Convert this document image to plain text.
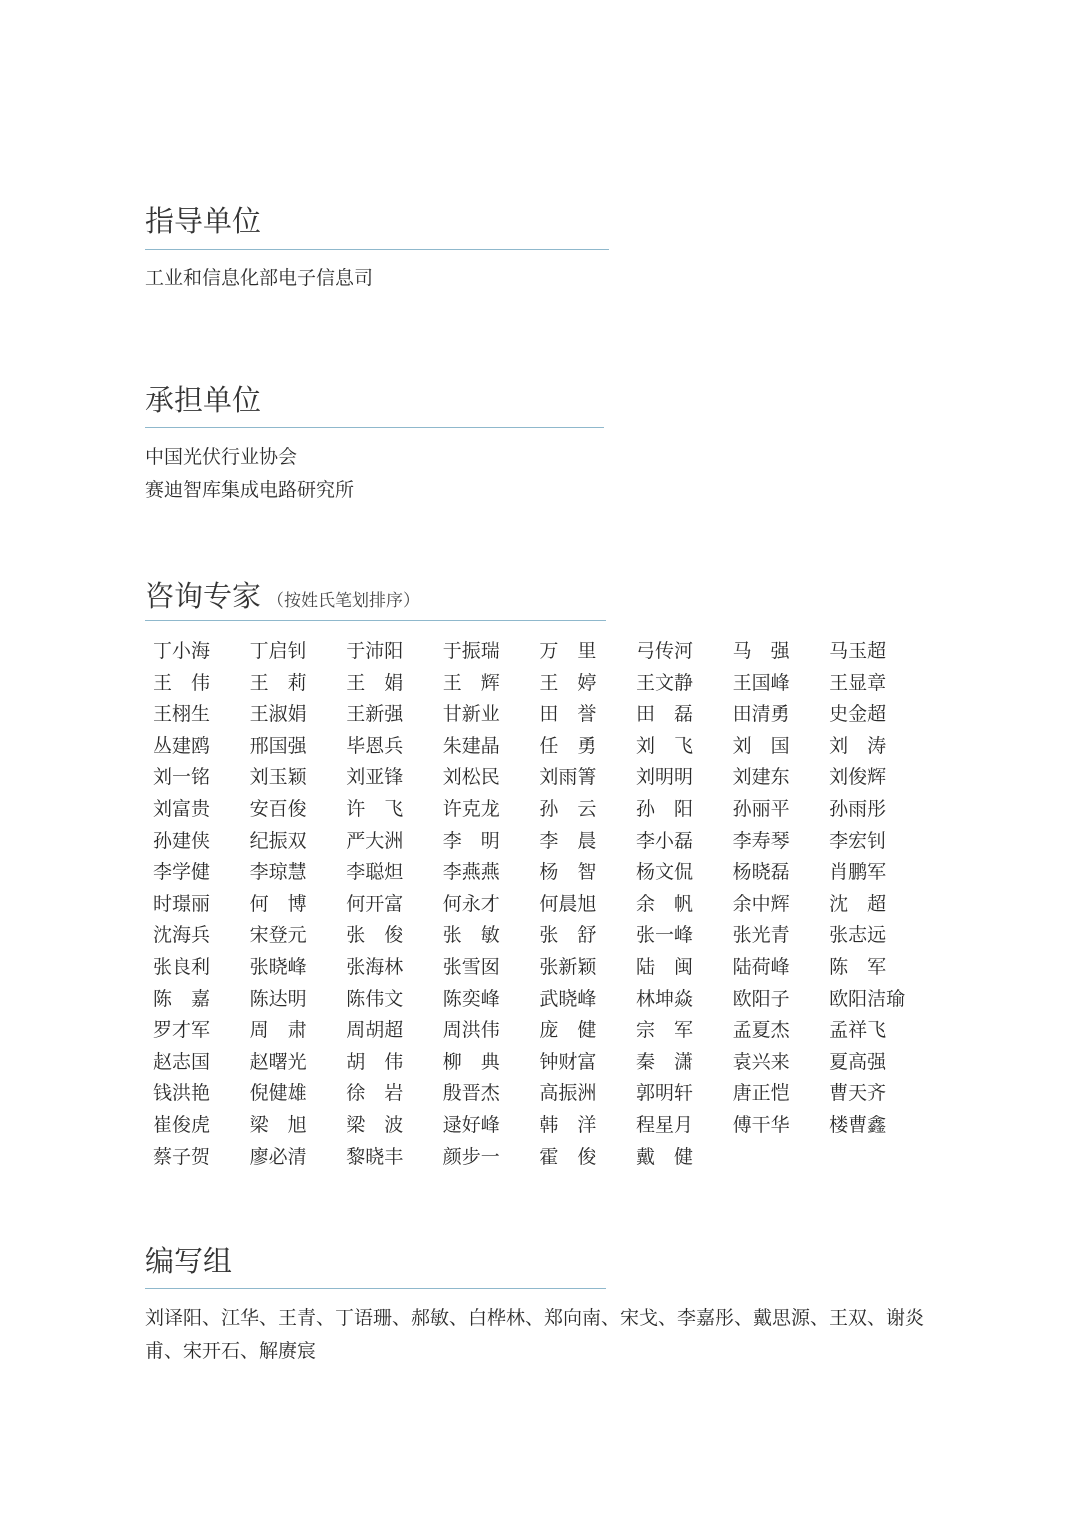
指导单位
工业和信息化部电子信息司
承担单位
中国光伏行业协会
赛迪智库集成电路研究所
咨询专家 （按姓氏笔划排序）
丁小海	丁启钊	于沛阳	于振瑞	万　里	弓传河	马　强	马玉超
王　伟	王　莉	王　娟	王　辉	王　婷	王文静	王国峰	王显章
王栩生	王淑娟	王新强	甘新业	田　誉	田　磊	田清勇	史金超
丛建鸥	邢国强	毕恩兵	朱建晶	任　勇	刘　飞	刘　国	刘　涛
刘一铭	刘玉颖	刘亚锋	刘松民	刘雨箐	刘明明	刘建东	刘俊辉
刘富贵	安百俊	许　飞	许克龙	孙　云	孙　阳	孙丽平	孙雨彤
孙建侠	纪振双	严大洲	李　明	李　晨	李小磊	李寿琴	李宏钊
李学健	李琼慧	李聪炟	李燕燕	杨　智	杨文侃	杨晓磊	肖鹏军
时璟丽	何　博	何开富	何永才	何晨旭	余　帆	余中辉	沈　超
沈海兵	宋登元	张　俊	张　敏	张　舒	张一峰	张光青	张志远
张良利	张晓峰	张海林	张雪囡	张新颖	陆　闽	陆荷峰	陈　军
陈　嘉	陈达明	陈伟文	陈奕峰	武晓峰	林坤焱	欧阳子	欧阳洁瑜
罗才军	周　肃	周胡超	周洪伟	庞　健	宗　军	孟夏杰	孟祥飞
赵志国	赵曙光	胡　伟	柳　典	钟财富	秦　潇	袁兴来	夏高强
钱洪艳	倪健雄	徐　岩	殷晋杰	高振洲	郭明轩	唐正恺	曹天齐
崔俊虎	梁　旭	梁　波	逯好峰	韩　洋	程星月	傅干华	楼曹鑫
蔡子贺	廖必清	黎晓丰	颜步一	霍　俊	戴　健
编写组
刘译阳、江华、王青、丁语珊、郝敏、白桦林、郑向南、宋戈、李嘉彤、戴思源、王双、谢炎甫、宋开石、解赓宸
